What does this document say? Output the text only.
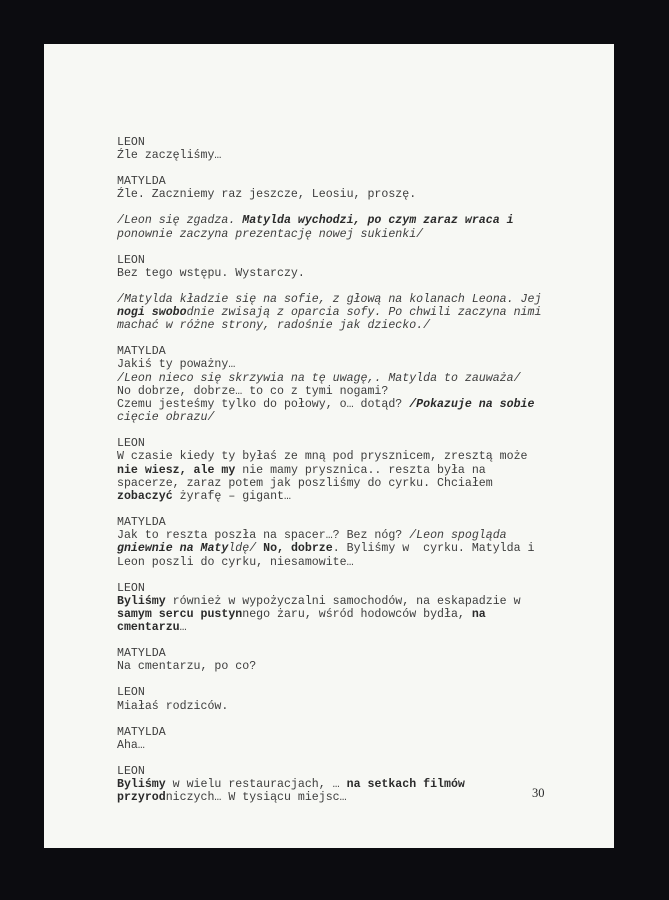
LEON

Źle zaczęliśmy…

MATYLDA

Źle. Zaczniemy raz jeszcze, Leosiu, proszę.

/Leon się zgadza. Matylda wychodzi, po czym zaraz wraca i

ponownie zaczyna prezentację nowej sukienki/

LEON

Bez tego wstępu. Wystarczy.

/Matylda kładzie się na sofie, z głową na kolanach Leona. Jej

nogi swobodnie zwisają z oparcia sofy. Po chwili zaczyna nimi

machać w różne strony, radośnie jak dziecko./

MATYLDA

Jakiś ty poważny…

/Leon nieco się skrzywia na tę uwagę,. Matylda to zauważa/

No dobrze, dobrze… to co z tymi nogami?

Czemu jesteśmy tylko do połowy, o… dotąd? /Pokazuje na sobie

cięcie obrazu/

LEON

W czasie kiedy ty byłaś ze mną pod prysznicem, zresztą może

nie wiesz, ale my nie mamy prysznica.. reszta była na

spacerze, zaraz potem jak poszliśmy do cyrku. Chciałem

zobaczyć żyrafę – gigant…

MATYLDA

Jak to reszta poszła na spacer…? Bez nóg? /Leon spogląda

gniewnie na Matyldę/ No, dobrze. Byliśmy w  cyrku. Matylda i

Leon poszli do cyrku, niesamowite…

LEON

Byliśmy również w wypożyczalni samochodów, na eskapadzie w

samym sercu pustynnego żaru, wśród hodowców bydła, na

cmentarzu…

MATYLDA

Na cmentarzu, po co?

LEON

Miałaś rodziców.

MATYLDA

Aha…

LEON

Byliśmy w wielu restauracjach, … na setkach filmów

przyrodniczych… W tysiącu miejsc…	30
